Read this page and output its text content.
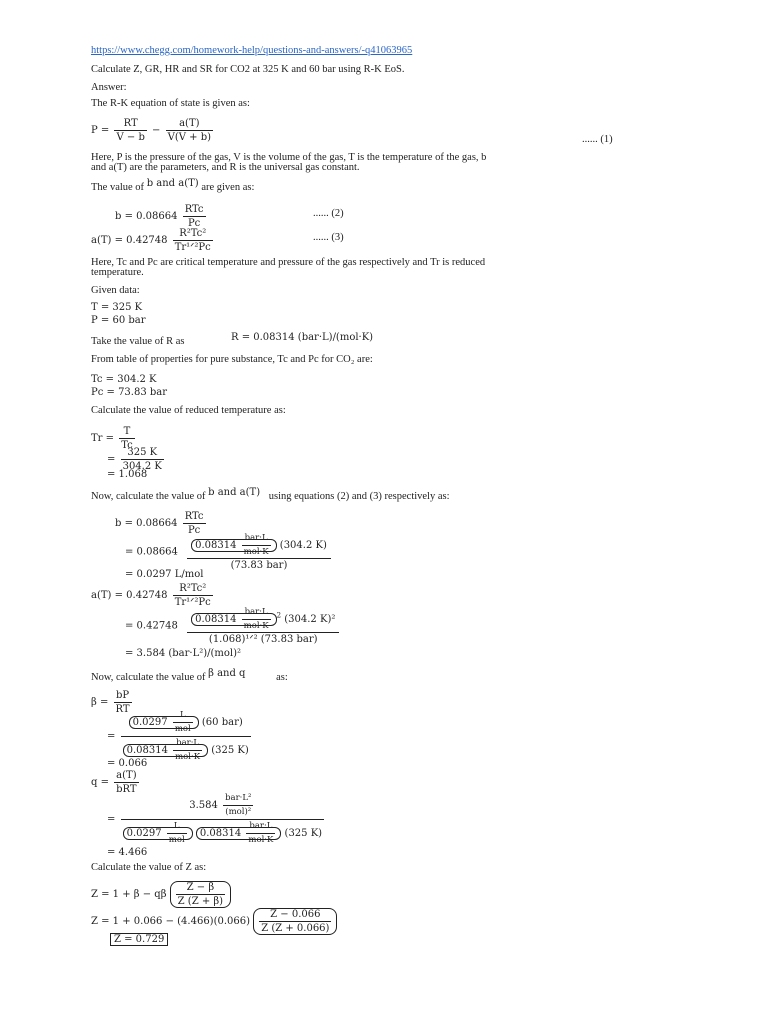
https://www.chegg.com/homework-help/questions-and-answers/-q41063965
Calculate Z, GR, HR and SR for CO2 at 325 K and 60 bar using R-K EoS.
Answer:
The R-K equation of state is given as:
$P = \frac{RT}{V - b} - \frac{a(T)}{V(V + b)}$	...... (1)
Here, P is the pressure of the gas, V is the volume of the gas, T is the temperature of the gas, b
and a(T) are the parameters, and R is the universal gas constant.
The value of b and a(T) are given as:
b = 0.08664
RTc
Pc
...... (2)
a(T) = 0.42748
R²Tc²
Tr¹ᐟ²Pc
...... (3)
Here, Tc and Pc are critical temperature and pressure of the gas respectively and Tr is reduced
temperature.
Given data:
T = 325 K
P = 60 bar
Take the value of R as	R = 0.08314 (bar·L)/(mol·K)
From table of properties for pure substance, Tc and Pc for CO₂ are:
Tc = 304.2 K
Pc = 73.83 bar
Calculate the value of reduced temperature as:
$Tr = \frac{T}{Tc}$
= $\frac{325 K}{304.2 K}$
= 1.068
Now, calculate the value of b and a(T) using equations (2) and (3) respectively as:
b = 0.08664
RTc
Pc
= 0.08664
0.08314
bar·L
mol·K
(304.2 K)
(73.83 bar)
= 0.0297 L/mol
a(T) = 0.42748
R²Tc²
Tr¹ᐟ²Pc
= 0.42748
0.08314
bar·L
mol·K
$^2$ (304.2 K)²
(1.068)¹ᐟ² (73.83 bar)
= 3.584 (bar·L²)/(mol)²
Now, calculate the value of β and q	as:
$\beta = \frac{bP}{RT}$
=
0.0297
L
mol
(60 bar)
0.08314
bar·L
mol·K
(325 K)
= 0.066
q =
a(T)
bRT
=
3.584
bar·L²
(mol)²
0.0297
L
mol
0.08314
bar·L
mol·K
(325 K)
= 4.466
Calculate the value of Z as:
Z = 1 + β − qβ $\frac{Z - \beta}{Z (Z + \beta)}$
$Z = 1 + 0.066 - (4.466)(0.066) \frac{Z - 0.066}{Z (Z + 0.066)}$
Z = 0.729
